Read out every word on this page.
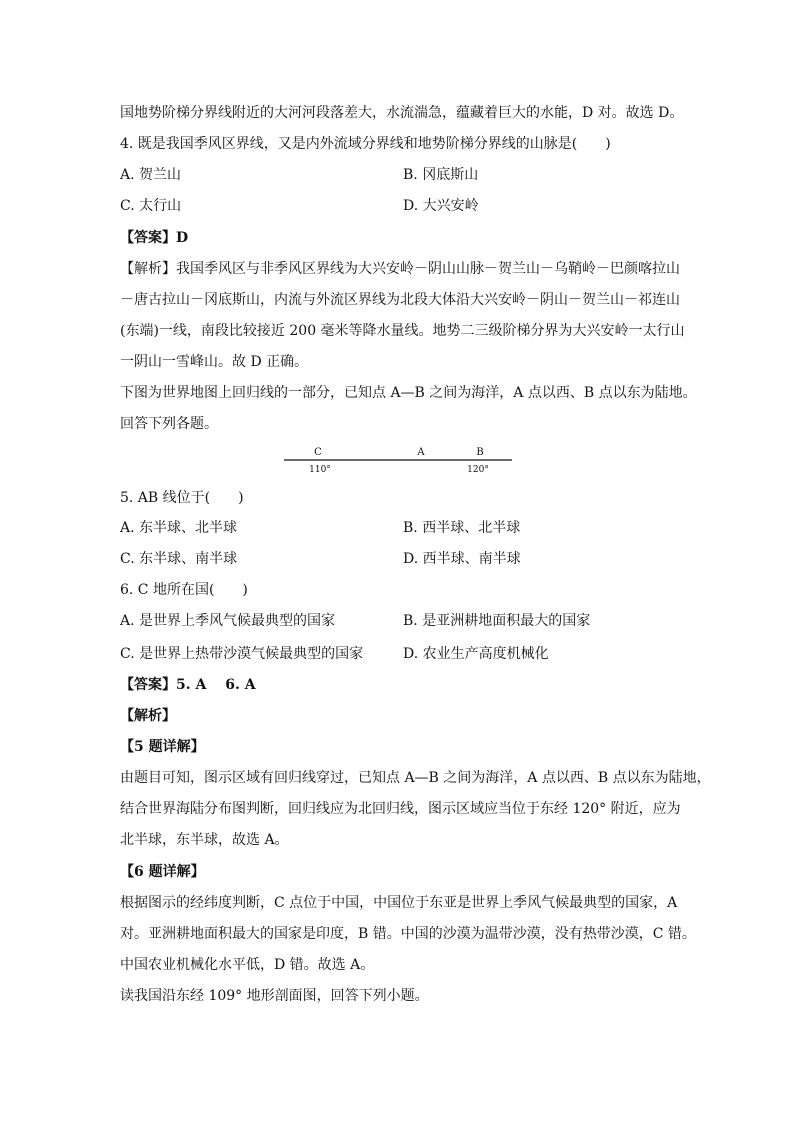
国地势阶梯分界线附近的大河河段落差大，水流湍急，蕴藏着巨大的水能，D 对。故选 D。
4. 既是我国季风区界线，又是内外流域分界线和地势阶梯分界线的山脉是(　　)
A. 贺兰山	B. 冈底斯山
C. 太行山	D. 大兴安岭
【答案】D
【解析】我国季风区与非季风区界线为大兴安岭－阴山山脉－贺兰山－乌鞘岭－巴颜喀拉山
－唐古拉山－冈底斯山，内流与外流区界线为北段大体沿大兴安岭－阴山－贺兰山－祁连山
(东端)一线，南段比较接近 200 毫米等降水量线。地势二三级阶梯分界为大兴安岭一太行山
一阴山一雪峰山。故 D 正确。
下图为世界地图上回归线的一部分，已知点 A—B 之间为海洋，A 点以西、B 点以东为陆地。
回答下列各题。
C	A	B
110°	120°
5. AB 线位于(　　)
A. 东半球、北半球	B. 西半球、北半球
C. 东半球、南半球	D. 西半球、南半球
6. C 地所在国(　　)
A. 是世界上季风气候最典型的国家	B. 是亚洲耕地面积最大的国家
C. 是世界上热带沙漠气候最典型的国家	D. 农业生产高度机械化
【答案】5. A　 6. A
【解析】
【5 题详解】
由题目可知，图示区域有回归线穿过，已知点 A—B 之间为海洋，A 点以西、B 点以东为陆地，
结合世界海陆分布图判断，回归线应为北回归线，图示区域应当位于东经 120° 附近，应为
北半球，东半球，故选 A。
【6 题详解】
根据图示的经纬度判断，C 点位于中国，中国位于东亚是世界上季风气候最典型的国家，A
对。亚洲耕地面积最大的国家是印度，B 错。中国的沙漠为温带沙漠，没有热带沙漠，C 错。
中国农业机械化水平低，D 错。故选 A。
读我国沿东经 109° 地形剖面图，回答下列小题。
